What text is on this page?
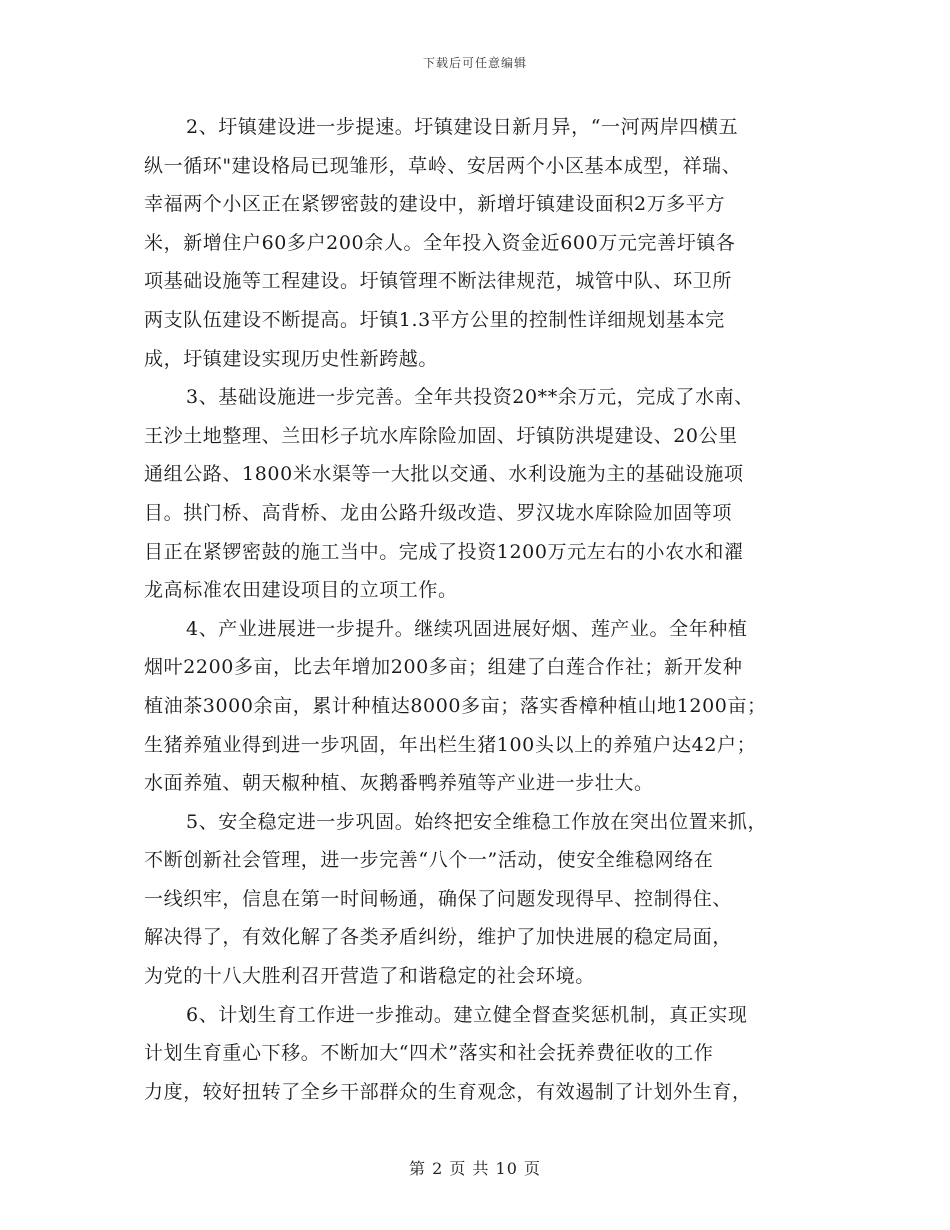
下载后可任意编辑
2、圩镇建设进一步提速。圩镇建设日新月异，“一河两岸四横五
纵一循环"建设格局已现雏形，草岭、安居两个小区基本成型，祥瑞、
幸福两个小区正在紧锣密鼓的建设中，新增圩镇建设面积2万多平方
米，新增住户60多户200余人。全年投入资金近600万元完善圩镇各
项基础设施等工程建设。圩镇管理不断法律规范，城管中队、环卫所
两支队伍建设不断提高。圩镇1.3平方公里的控制性详细规划基本完
成，圩镇建设实现历史性新跨越。
3、基础设施进一步完善。全年共投资20**余万元，完成了水南、
王沙土地整理、兰田杉子坑水库除险加固、圩镇防洪堤建设、20公里
通组公路、1800米水渠等一大批以交通、水利设施为主的基础设施项
目。拱门桥、高背桥、龙由公路升级改造、罗汉垅水库除险加固等项
目正在紧锣密鼓的施工当中。完成了投资1200万元左右的小农水和濯
龙高标准农田建设项目的立项工作。
4、产业进展进一步提升。继续巩固进展好烟、莲产业。全年种植
烟叶2200多亩，比去年增加200多亩；组建了白莲合作社；新开发种
植油茶3000余亩，累计种植达8000多亩；落实香樟种植山地1200亩；
生猪养殖业得到进一步巩固，年出栏生猪100头以上的养殖户达42户；
水面养殖、朝天椒种植、灰鹅番鸭养殖等产业进一步壮大。
5、安全稳定进一步巩固。始终把安全维稳工作放在突出位置来抓，
不断创新社会管理，进一步完善“八个一”活动，使安全维稳网络在
一线织牢，信息在第一时间畅通，确保了问题发现得早、控制得住、
解决得了，有效化解了各类矛盾纠纷，维护了加快进展的稳定局面，
为党的十八大胜利召开营造了和谐稳定的社会环境。
6、计划生育工作进一步推动。建立健全督查奖惩机制，真正实现
计划生育重心下移。不断加大“四术”落实和社会抚养费征收的工作
力度，较好扭转了全乡干部群众的生育观念，有效遏制了计划外生育，
第 2 页 共 10 页
